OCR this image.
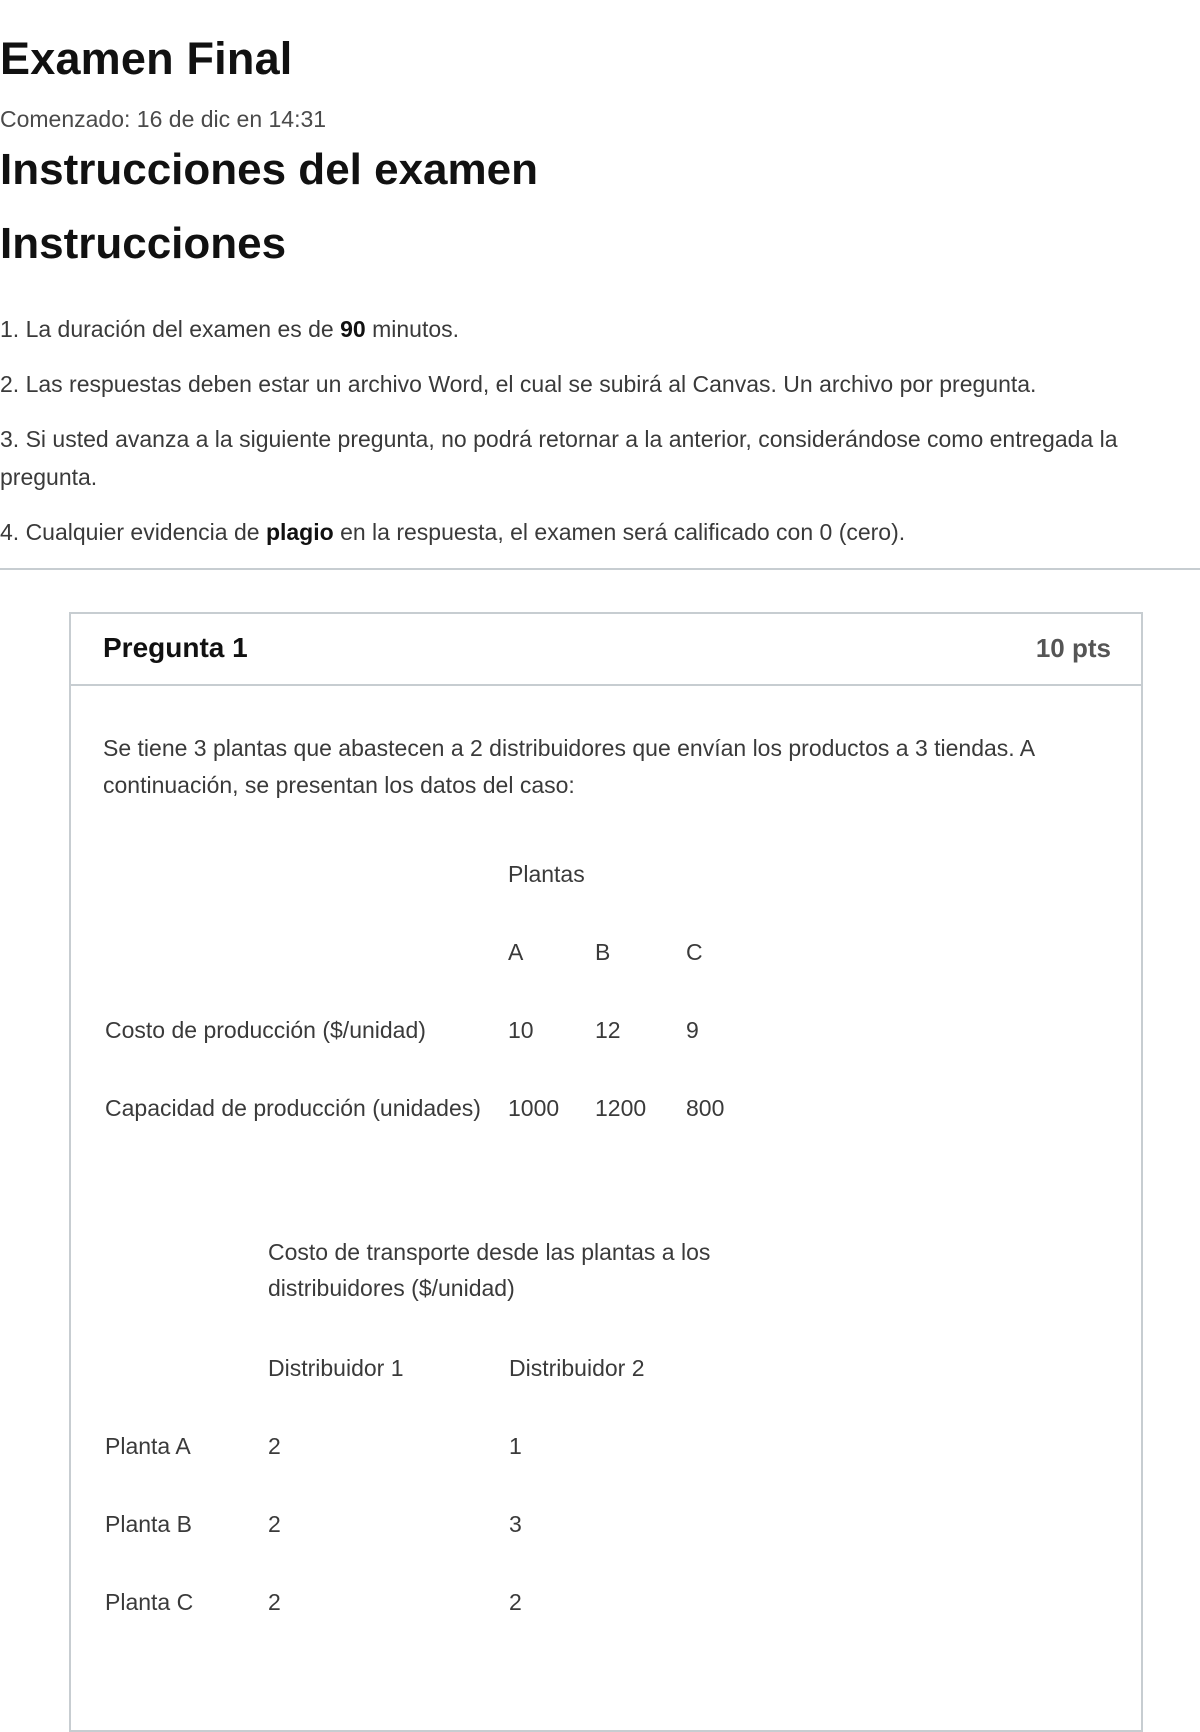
Examen Final
Comenzado: 16 de dic en 14:31
Instrucciones del examen
Instrucciones

1. La duración del examen es de 90 minutos.

2. Las respuestas deben estar un archivo Word, el cual se subirá al Canvas. Un archivo por pregunta.

3. Si usted avanza a la siguiente pregunta, no podrá retornar a la anterior, considerándose como entregada la pregunta.

4. Cualquier evidencia de plagio en la respuesta, el examen será calificado con 0 (cero).

Pregunta 1	10 pts

Se tiene 3 plantas que abastecen a 2 distribuidores que envían los productos a 3 tiendas. A continuación, se presentan los datos del caso:

Plantas
A	B	C
Costo de producción ($/unidad)	10	12	9
Capacidad de producción (unidades) 1000 1200 800
Costo de transporte desde las plantas a los distribuidores ($/unidad)
Distribuidor 1	Distribuidor 2
Planta A	2	1
Planta B	2	3
Planta C	2	2
